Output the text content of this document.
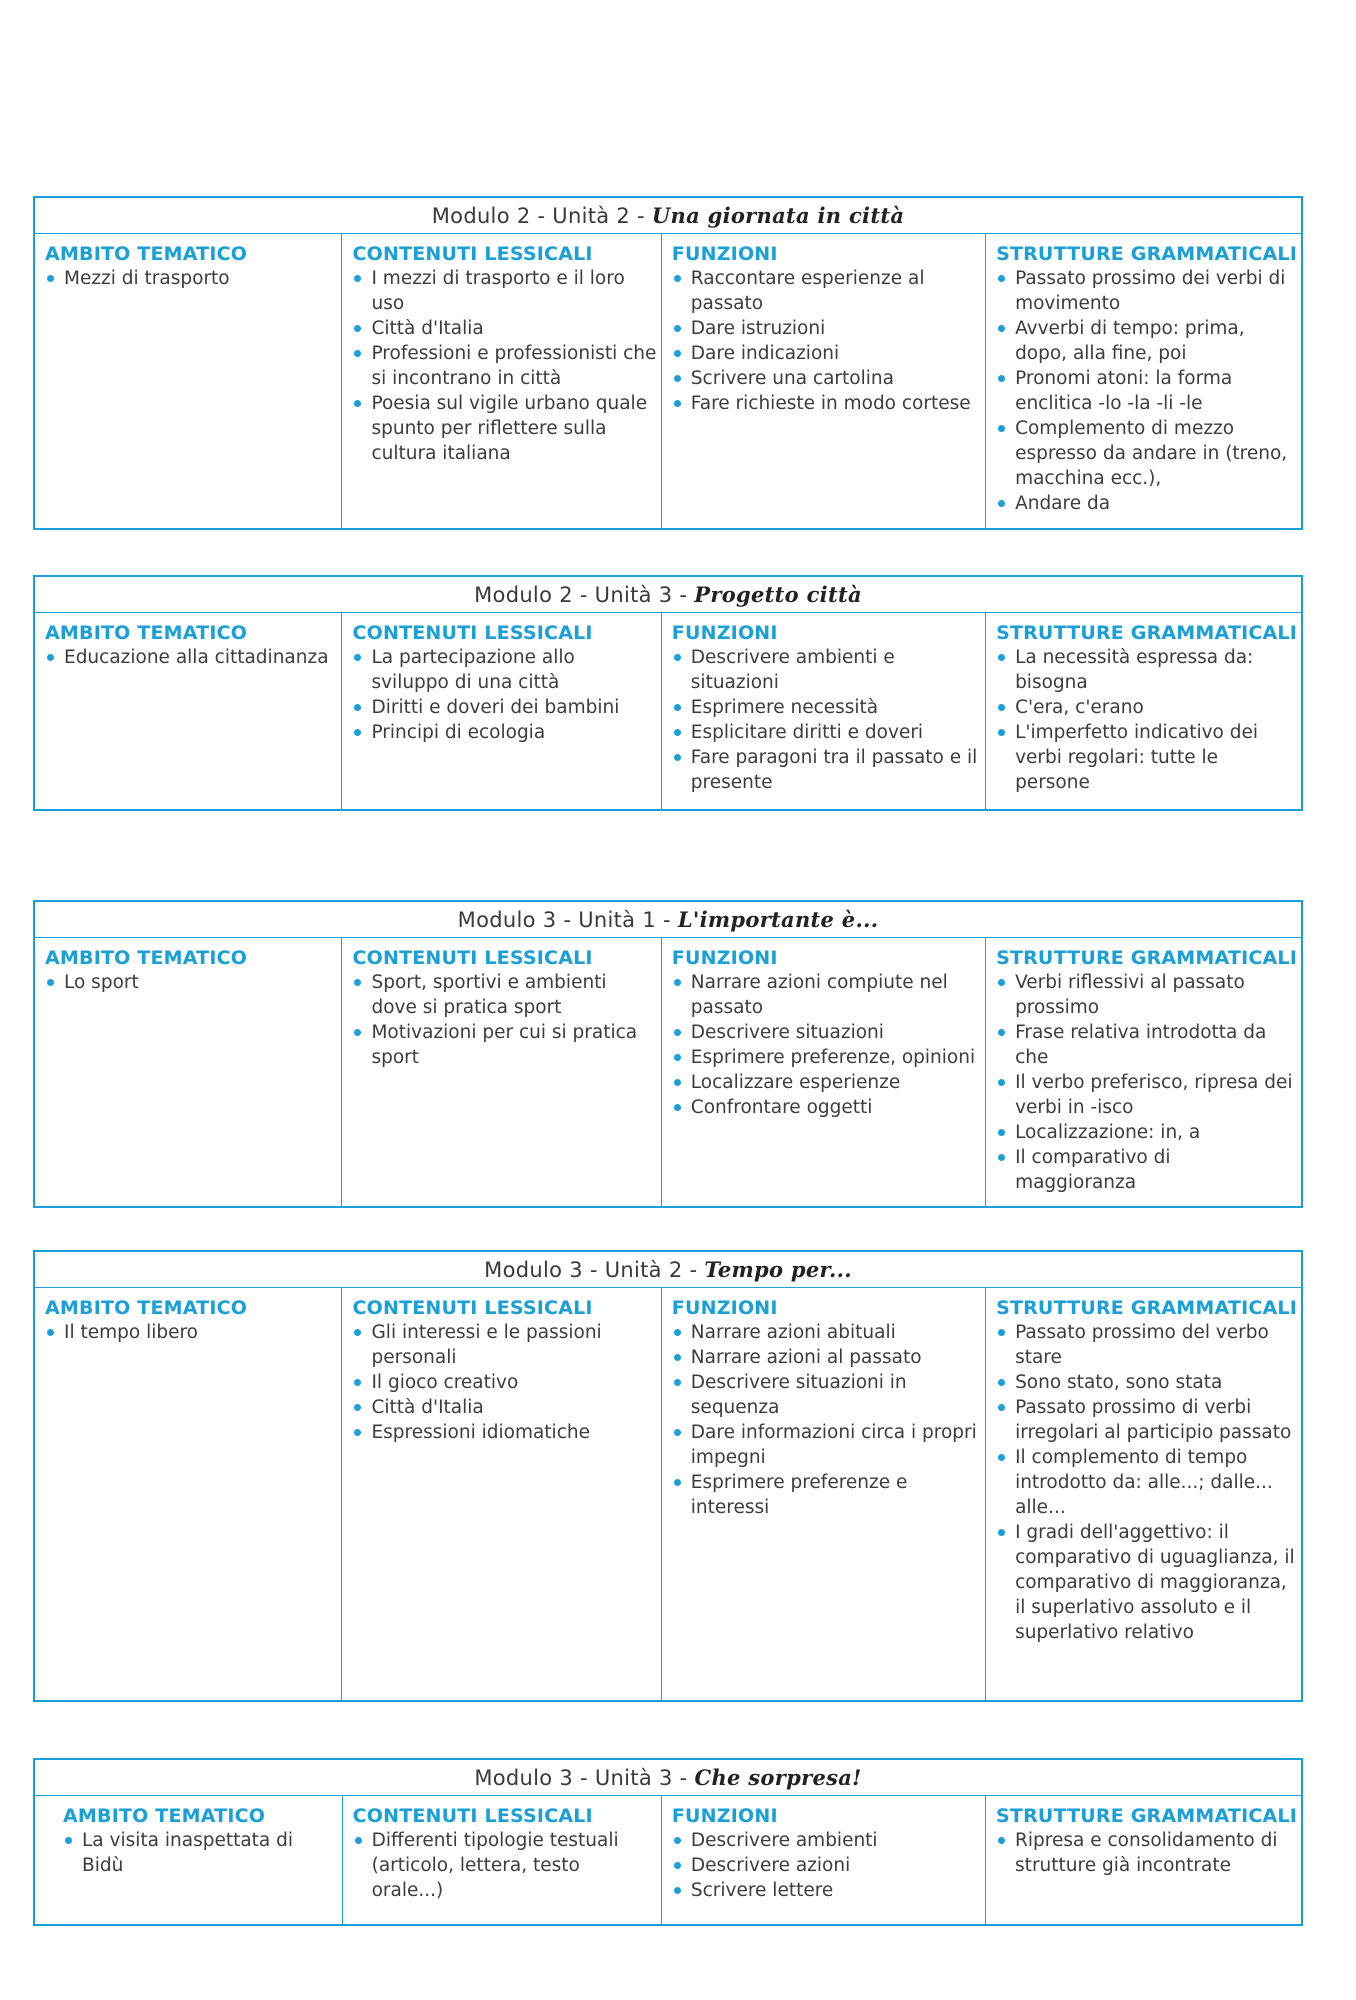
Modulo 2 - Unità 2 - Una giornata in città
AMBITO TEMATICO
Mezzi di trasporto
CONTENUTI LESSICALI
I mezzi di trasporto e il loro uso
Città d'Italia
Professioni e professionisti che si incontrano in città
Poesia sul vigile urbano quale spunto per riflettere sulla cultura italiana
FUNZIONI
Raccontare esperienze al passato
Dare istruzioni
Dare indicazioni
Scrivere una cartolina
Fare richieste in modo cortese
STRUTTURE GRAMMATICALI
Passato prossimo dei verbi di movimento
Avverbi di tempo: prima, dopo, alla fine, poi
Pronomi atoni: la forma enclitica -lo -la -li -le
Complemento di mezzo espresso da andare in (treno, macchina ecc.),
Andare da
Modulo 2 - Unità 3 - Progetto città
AMBITO TEMATICO
Educazione alla cittadinanza
CONTENUTI LESSICALI
La partecipazione allo sviluppo di una città
Diritti e doveri dei bambini
Principi di ecologia
FUNZIONI
Descrivere ambienti e situazioni
Esprimere necessità
Esplicitare diritti e doveri
Fare paragoni tra il passato e il presente
STRUTTURE GRAMMATICALI
La necessità espressa da: bisogna
C'era, c'erano
L'imperfetto indicativo dei verbi regolari: tutte le persone
Modulo 3 - Unità 1 - L'importante è...
AMBITO TEMATICO
Lo sport
CONTENUTI LESSICALI
Sport, sportivi e ambienti dove si pratica sport
Motivazioni per cui si pratica sport
FUNZIONI
Narrare azioni compiute nel passato
Descrivere situazioni
Esprimere preferenze, opinioni
Localizzare esperienze
Confrontare oggetti
STRUTTURE GRAMMATICALI
Verbi riflessivi al passato prossimo
Frase relativa introdotta da che
Il verbo preferisco, ripresa dei verbi in -isco
Localizzazione: in, a
Il comparativo di maggioranza
Modulo 3 - Unità 2 - Tempo per...
AMBITO TEMATICO
Il tempo libero
CONTENUTI LESSICALI
Gli interessi e le passioni personali
Il gioco creativo
Città d'Italia
Espressioni idiomatiche
FUNZIONI
Narrare azioni abituali
Narrare azioni al passato
Descrivere situazioni in sequenza
Dare informazioni circa i propri impegni
Esprimere preferenze e interessi
STRUTTURE GRAMMATICALI
Passato prossimo del verbo stare
Sono stato, sono stata
Passato prossimo di verbi irregolari al participio passato
Il complemento di tempo introdotto da: alle...; dalle... alle...
I gradi dell'aggettivo: il comparativo di uguaglianza, il comparativo di maggioranza, il superlativo assoluto e il superlativo relativo
Modulo 3 - Unità 3 - Che sorpresa!
AMBITO TEMATICO
La visita inaspettata di Bidù
CONTENUTI LESSICALI
Differenti tipologie testuali (articolo, lettera, testo orale...)
FUNZIONI
Descrivere ambienti
Descrivere azioni
Scrivere lettere
STRUTTURE GRAMMATICALI
Ripresa e consolidamento di strutture già incontrate
